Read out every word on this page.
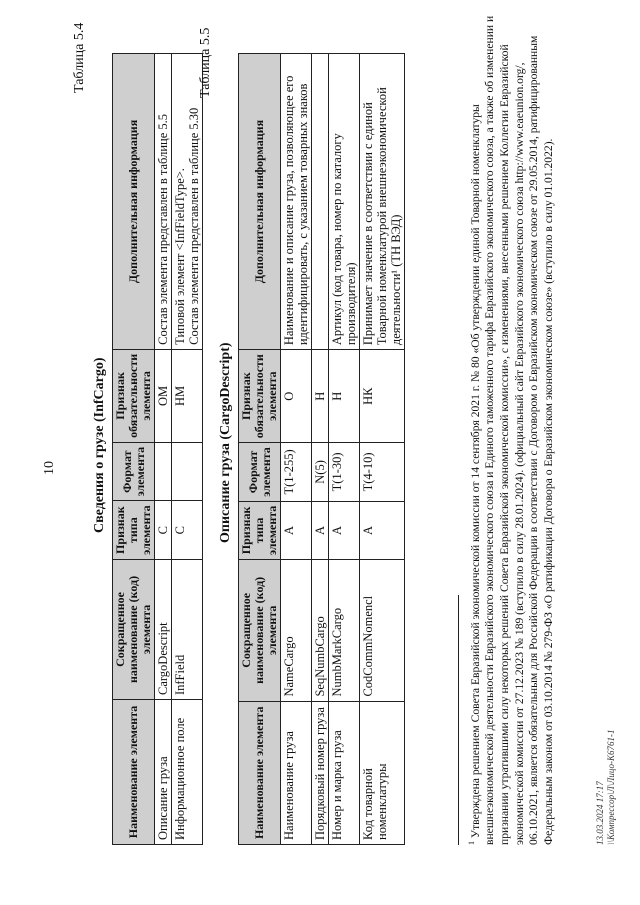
10
Таблица 5.4
Сведения о грузе (InfCargo)
Наименование элемента	Сокращенное наименование (код) элемента	Признак типа элемента	Формат элемента	Признак обязательности элемента	Дополнительная информация
Описание груза	CargoDescript	С		ОМ	Состав элемента представлен в таблице 5.5
Информационное поле	InfField	С		НМ	Типовой элемент <InfFieldType>. Состав элемента представлен в таблице 5.30
Таблица 5.5
Описание груза (CargoDescript)
Наименование элемента	Сокращенное наименование (код) элемента	Признак типа элемента	Формат элемента	Признак обязательности элемента	Дополнительная информация
Наименование груза	NameCargo	А	Т(1-255)	О	Наименование и описание груза, позволяющее его идентифицировать, с указанием товарных знаков
Порядковый номер груза	SeqNumbCargo	А	N(5)	Н	
Номер и марка груза	NumbMarkCargo	А	Т(1-30)	Н	Артикул (код товара, номер по каталогу производителя)
Код товарной номенклатуры	CodCommNomencl	А	Т(4-10)	НК	Принимает значение в соответствии с единой Товарной номенклатурой внешнеэкономической деятельности¹ (ТН ВЭД)
$^1$ Утверждена решением Совета Евразийской экономической комиссии от 14 сентября 2021 г. № 80 «Об утверждении единой Товарной номенклатуры внешнеэкономической деятельности Евразийского экономического союза и Единого таможенного тарифа Евразийского экономического союза, а также об изменении и признании утратившими силу некоторых решений Совета Евразийской экономической комиссии», с изменениями, внесенными решением Коллегии Евразийской экономической комиссии от 27.12.2023 № 189 (вступило в силу 28.01.2024). (официальный сайт Евразийского экономического союза http://www.eaeunion.org/, 06.10.2021, является обязательным для Российской Федерации в соответствии с Договором о Евразийском экономическом союзе от 29.05.2014, ратифицированным Федеральным законом от 03.10.2014 № 279-ФЗ «О ратификации Договора о Евразийском экономическом союзе» (вступило в силу 01.01.2022).	13.03.2024 17:17 \\Компрессор\Л\Лицо-К6761-1
